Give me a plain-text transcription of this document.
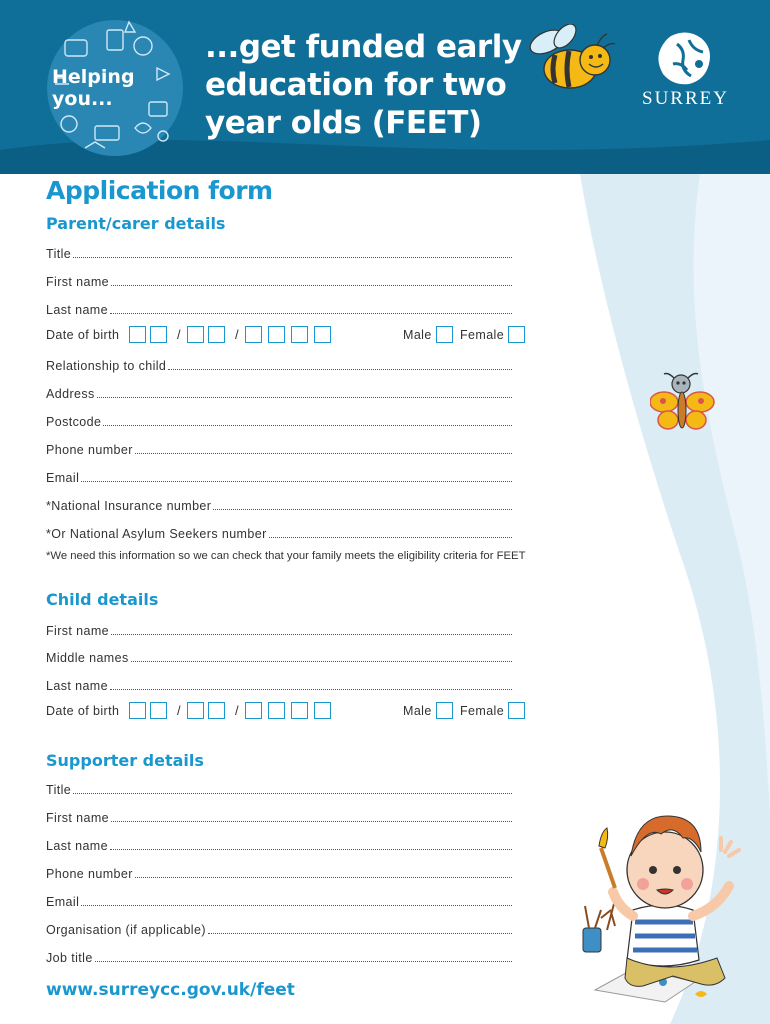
Helping
you...
...get funded early
education for two
year olds (FEET)
SURREY
Application form
Parent/carer details
Title
First name
Last name
Date of birth	/	/	Male Female
Relationship to child
Address
Postcode
Phone number
Email
*National Insurance number
*Or National Asylum Seekers number
*We need this information so we can check that your family meets the eligibility criteria for FEET
Child details
First name
Middle names
Last name
Date of birth	/	/	Male Female
Supporter details
Title
First name
Last name
Phone number
Email
Organisation (if applicable)
Job title
www.surreycc.gov.uk/feet
